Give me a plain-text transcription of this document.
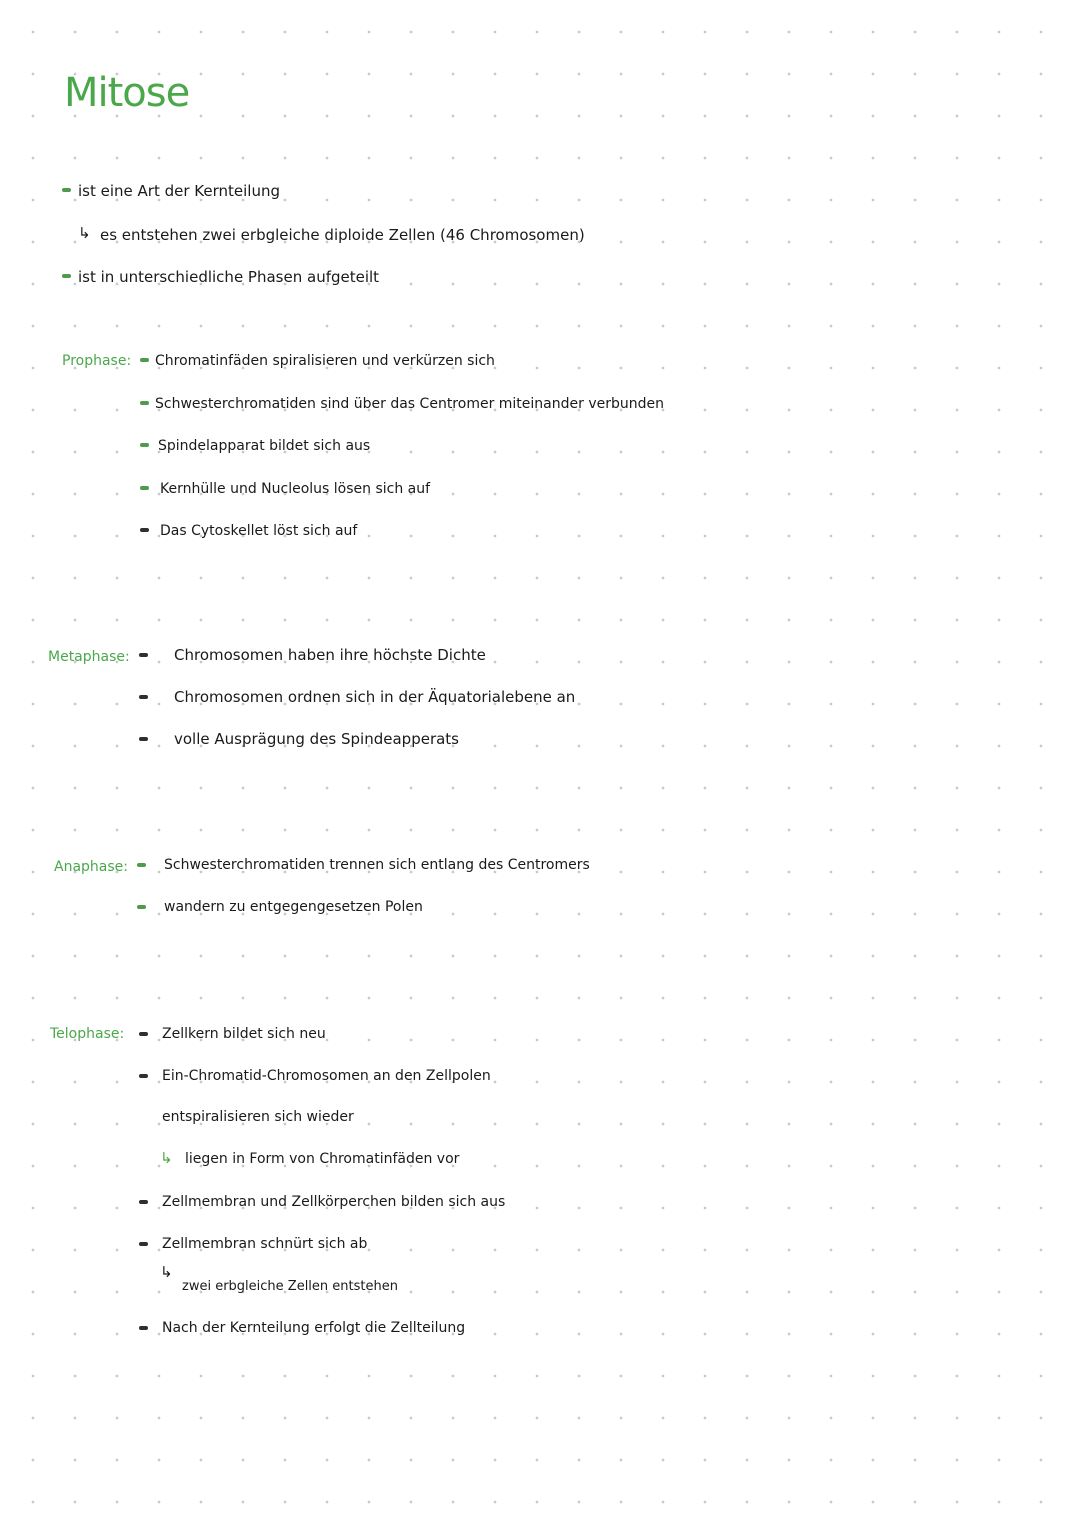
Mitose
ist eine Art der Kernteilung
↳ es entstehen zwei erbgleiche diploide Zellen (46 Chromosomen)
ist in unterschiedliche Phasen aufgeteilt
Prophase: Chromatinfäden spiralisieren und verkürzen sich
Schwesterchromatiden sind über das Centromer miteinander verbunden
Spindelapparat bildet sich aus
Kernhülle und Nucleolus lösen sich auf
Das Cytoskellet löst sich auf
Metaphase:	Chromosomen haben ihre höchste Dichte
Chromosomen ordnen sich in der Äquatorialebene an
volle Ausprägung des Spindeapperats
Anaphase:	Schwesterchromatiden trennen sich entlang des Centromers
wandern zu entgegengesetzen Polen
Telophase:	Zellkern bildet sich neu
Ein-Chromatid-Chromosomen an den Zellpolen
entspiralisieren sich wieder
↳ liegen in Form von Chromatinfäden vor
Zellmembran und Zellkörperchen bilden sich aus
Zellmembran schnürt sich ab
↳
zwei erbgleiche Zellen entstehen
Nach der Kernteilung erfolgt die Zellteilung
